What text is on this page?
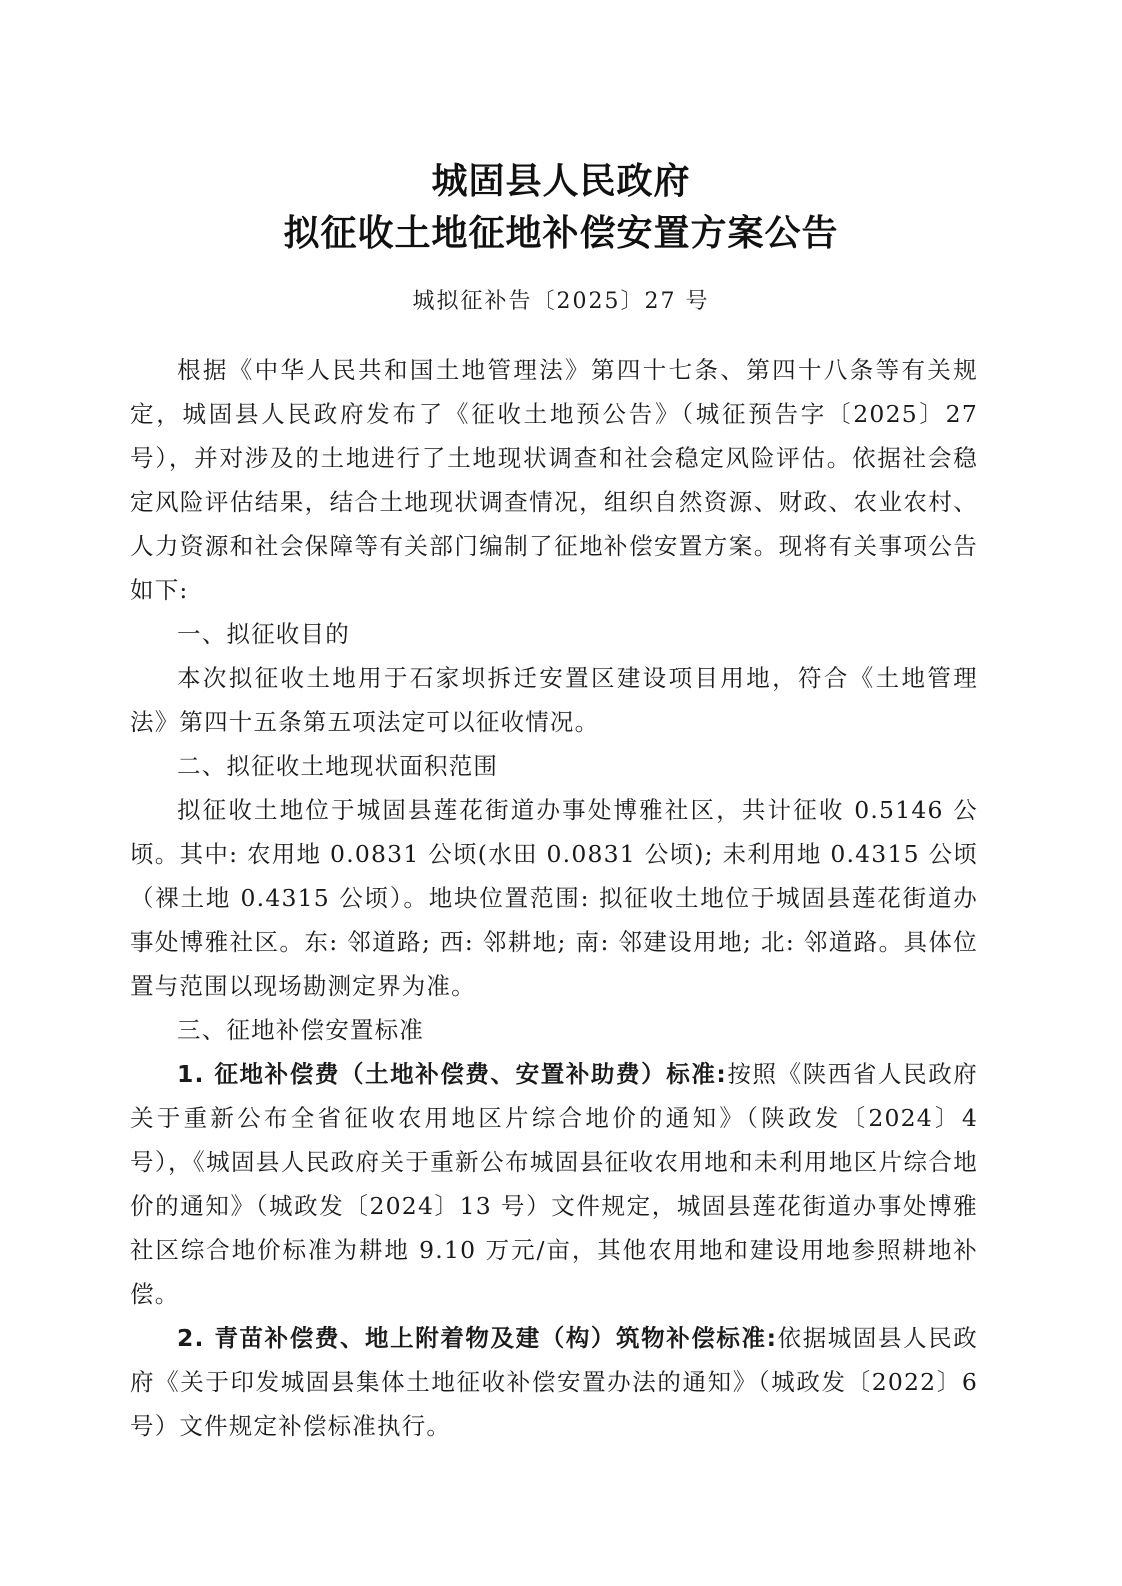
城固县人民政府
拟征收土地征地补偿安置方案公告
城拟征补告〔2025〕27 号

根据《中华人民共和国土地管理法》第四十七条、第四十八条等有关规定，城固县人民政府发布了《征收土地预公告》（城征预告字〔2025〕27 号），并对涉及的土地进行了土地现状调查和社会稳定风险评估。依据社会稳定风险评估结果，结合土地现状调查情况，组织自然资源、财政、农业农村、人力资源和社会保障等有关部门编制了征地补偿安置方案。现将有关事项公告如下:

一、拟征收目的

本次拟征收土地用于石家坝拆迁安置区建设项目用地，符合《土地管理法》第四十五条第五项法定可以征收情况。

二、拟征收土地现状面积范围

拟征收土地位于城固县莲花街道办事处博雅社区，共计征收 0.5146 公顷。其中: 农用地 0.0831 公顷(水田 0.0831 公顷); 未利用地 0.4315 公顷（裸土地 0.4315 公顷）。地块位置范围: 拟征收土地位于城固县莲花街道办事处博雅社区。东: 邻道路; 西: 邻耕地; 南: 邻建设用地; 北: 邻道路。具体位置与范围以现场勘测定界为准。

三、征地补偿安置标准

1. 征地补偿费（土地补偿费、安置补助费）标准:按照《陕西省人民政府关于重新公布全省征收农用地区片综合地价的通知》（陕政发〔2024〕4 号），《城固县人民政府关于重新公布城固县征收农用地和未利用地区片综合地价的通知》（城政发〔2024〕13 号）文件规定，城固县莲花街道办事处博雅社区综合地价标准为耕地 9.10 万元/亩，其他农用地和建设用地参照耕地补偿。

2. 青苗补偿费、地上附着物及建（构）筑物补偿标准:依据城固县人民政府《关于印发城固县集体土地征收补偿安置办法的通知》（城政发〔2022〕6 号）文件规定补偿标准执行。
